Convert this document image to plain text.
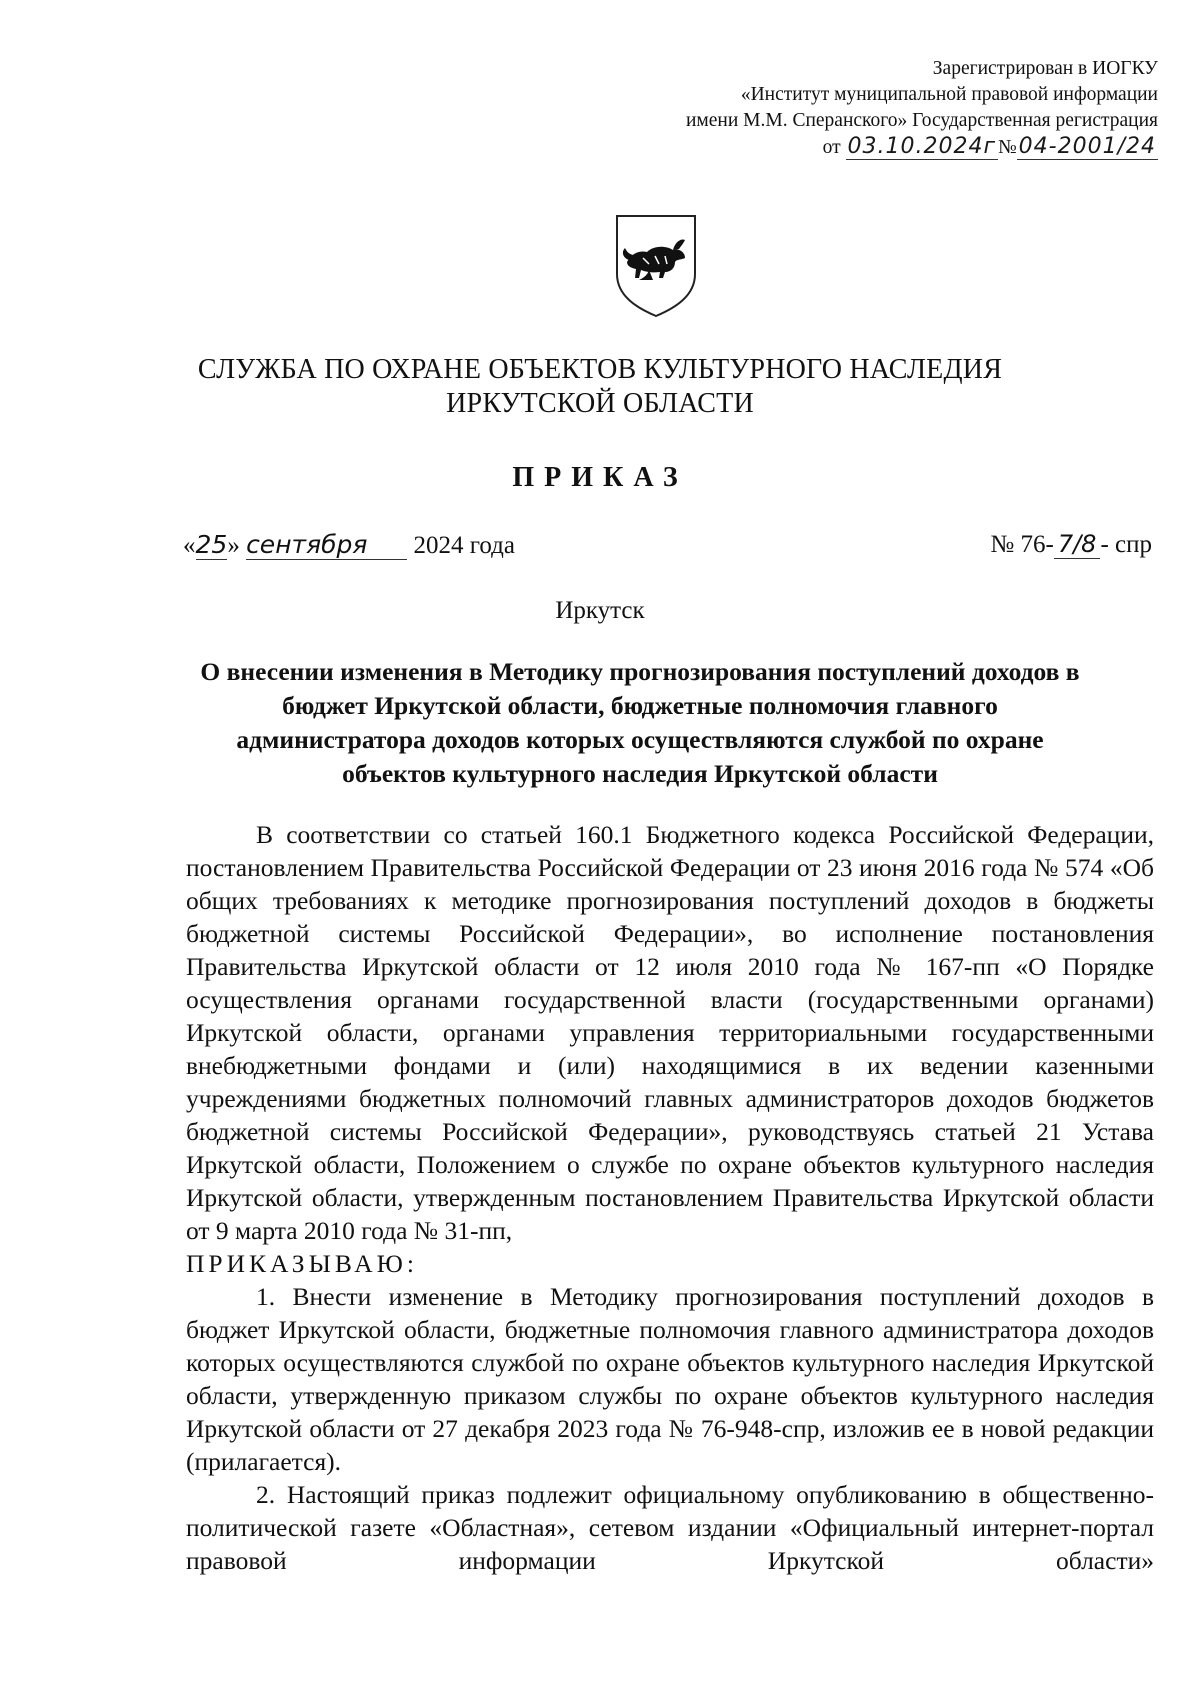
Зарегистрирован в ИОГКУ
«Институт муниципальной правовой информации
имени М.М. Сперанского» Государственная регистрация
от 03.10.2024г №04-2001/24
СЛУЖБА ПО ОХРАНЕ ОБЪЕКТОВ КУЛЬТУРНОГО НАСЛЕДИЯ
ИРКУТСКОЙ ОБЛАСТИ
ПРИКАЗ
«25» сентября 2024 года	№ 76- 7/8 - спр
Иркутск
О внесении изменения в Методику прогнозирования поступлений доходов в бюджет Иркутской области, бюджетные полномочия главного администратора доходов которых осуществляются службой по охране объектов культурного наследия Иркутской области

В соответствии со статьей 160.1 Бюджетного кодекса Российской Федерации, постановлением Правительства Российской Федерации от 23 июня 2016 года № 574 «Об общих требованиях к методике прогнозирования поступлений доходов в бюджеты бюджетной системы Российской Федерации», во исполнение постановления Правительства Иркутской области от 12 июля 2010 года № 167-пп «О Порядке осуществления органами государственной власти (государственными органами) Иркутской области, органами управления территориальными государственными внебюджетными фондами и (или) находящимися в их ведении казенными учреждениями бюджетных полномочий главных администраторов доходов бюджетов бюджетной системы Российской Федерации», руководствуясь статьей 21 Устава Иркутской области, Положением о службе по охране объектов культурного наследия Иркутской области, утвержденным постановлением Правительства Иркутской области от 9 марта 2010 года № 31-пп,

ПРИКАЗЫВАЮ:

1. Внести изменение в Методику прогнозирования поступлений доходов в бюджет Иркутской области, бюджетные полномочия главного администратора доходов которых осуществляются службой по охране объектов культурного наследия Иркутской области, утвержденную приказом службы по охране объектов культурного наследия Иркутской области от 27 декабря 2023 года № 76-948-спр, изложив ее в новой редакции (прилагается).

2. Настоящий приказ подлежит официальному опубликованию в общественно-политической газете «Областная», сетевом издании «Официальный интернет-портал правовой информации Иркутской области»
